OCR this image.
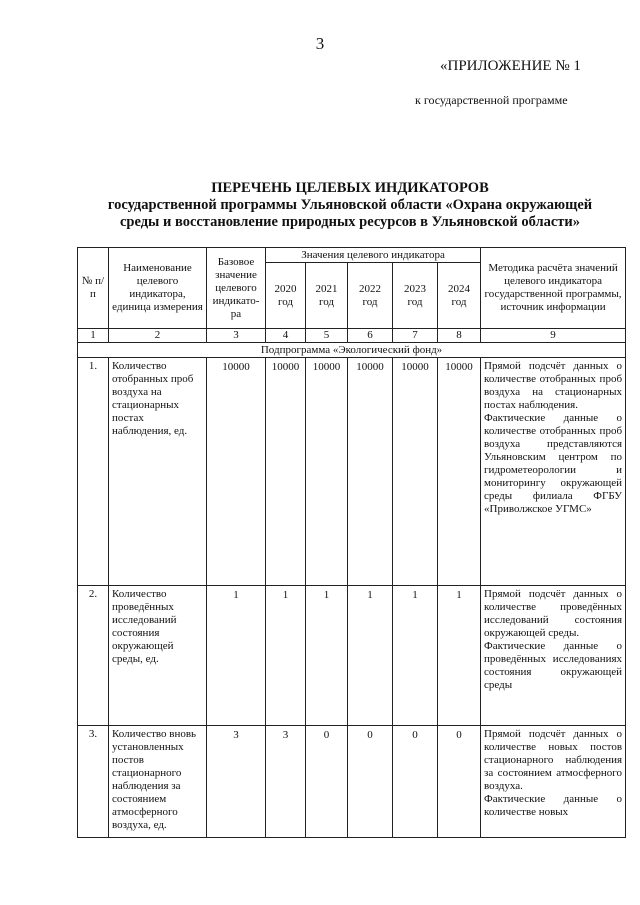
3
«ПРИЛОЖЕНИЕ № 1
к государственной программе
ПЕРЕЧЕНЬ ЦЕЛЕВЫХ ИНДИКАТОРОВ
государственной программы Ульяновской области «Охрана окружающей
среды и восстановление природных ресурсов в Ульяновской области»
№ п/п	Наименование целевого индикатора, единица измерения	Базовое значение целевого индикато-ра	Значения целевого индикатора					Методика расчёта значений целевого индикатора государственной программы, источник информации
			2020 год	2021 год	2022 год	2023 год	2024 год	
1	2	3	4	5	6	7	8	9
Подпрограмма «Экологический фонд»								
1.	Количество отобранных проб воздуха на стационарных постах наблюдения, ед.	10000	10000	10000	10000	10000	10000	Прямой подсчёт данных о количестве отобранных проб воздуха на стационарных постах наблюдения.
Фактические данные о количестве отобранных проб воздуха представляются Ульяновским центром по гидрометеорологии и мониторингу окружающей среды филиала ФГБУ «Приволжское УГМС»

2.	Количество проведённых исследований состояния окружающей среды, ед.	1	1	1	1	1	1	Прямой подсчёт данных о количестве проведённых исследований состояния окружающей среды.
Фактические данные о проведённых исследованиях состояния окружающей среды

3.	Количество вновь установленных постов стационарного наблюдения за состоянием атмосферного воздуха, ед.	3	3	0	0	0	0	Прямой подсчёт данных о количестве новых постов стационарного наблюдения за состоянием атмосферного воздуха.
Фактические данные о количестве новых
